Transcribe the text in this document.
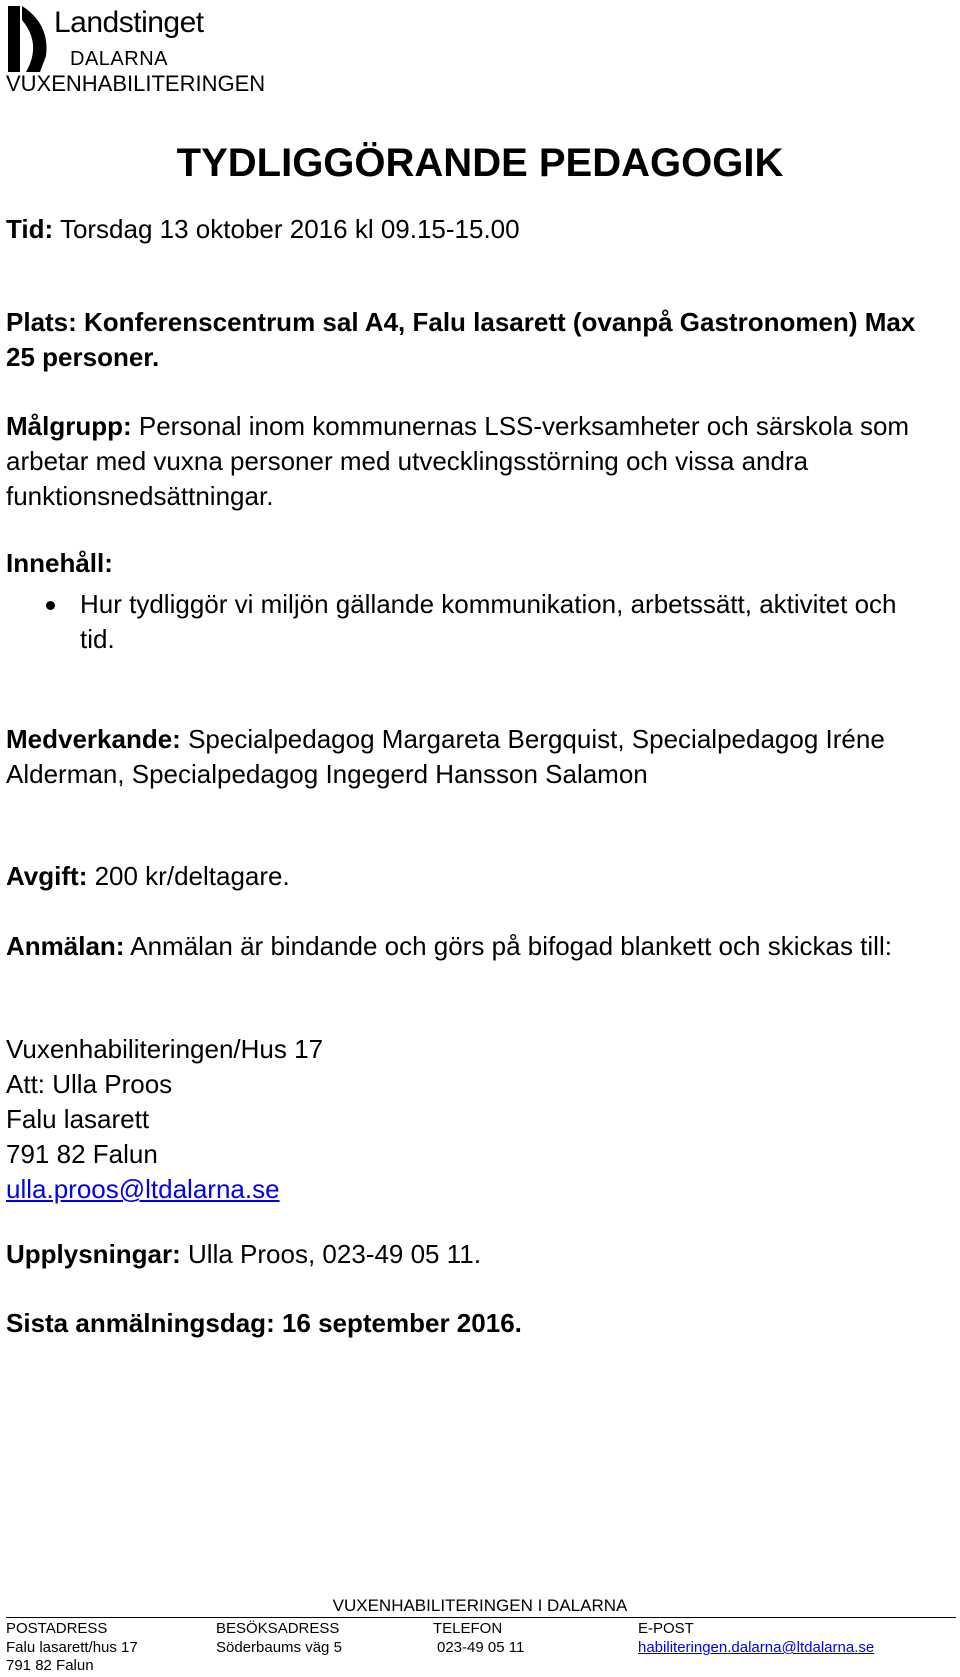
Landstinget
DALARNA
VUXENHABILITERINGEN
TYDLIGGÖRANDE PEDAGOGIK
Tid: Torsdag 13 oktober 2016 kl 09.15-15.00
Plats: Konferenscentrum sal A4, Falu lasarett (ovanpå Gastronomen) Max 25 personer.
Målgrupp: Personal inom kommunernas LSS-verksamheter och särskola som arbetar med vuxna personer med utvecklingsstörning och vissa andra funktionsnedsättningar.
Innehåll:
Hur tydliggör vi miljön gällande kommunikation, arbetssätt, aktivitet och tid.
Medverkande: Specialpedagog Margareta Bergquist, Specialpedagog Iréne Alderman, Specialpedagog Ingegerd Hansson Salamon
Avgift: 200 kr/deltagare.
Anmälan: Anmälan är bindande och görs på bifogad blankett och skickas till:
Vuxenhabiliteringen/Hus 17
Att: Ulla Proos
Falu lasarett
791 82 Falun
ulla.proos@ltdalarna.se
Upplysningar: Ulla Proos, 023-49 05 11.
Sista anmälningsdag: 16 september 2016.
VUXENHABILITERINGEN I DALARNA
POSTADRESS
Falu lasarett/hus 17
791 82 Falun
BESÖKSADRESS
Söderbaums väg 5
TELEFON
023-49 05 11
E-POST
habiliteringen.dalarna@ltdalarna.se
